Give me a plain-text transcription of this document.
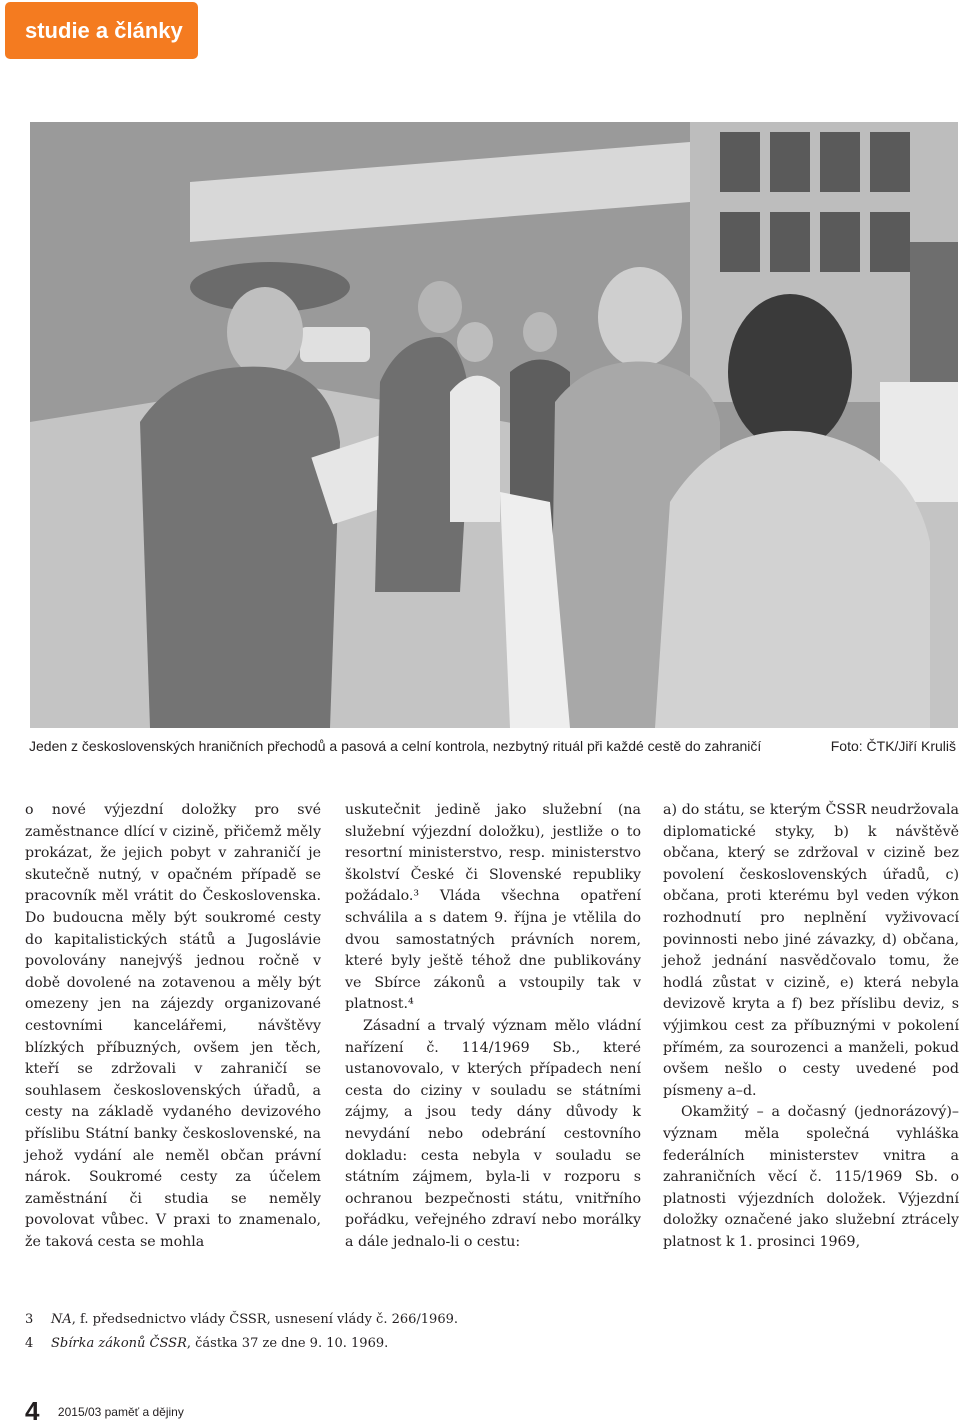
studie a články
Jeden z československých hraničních přechodů a pasová a celní kontrola, nezbytný rituál při každé cestě do zahraničí	Foto: ČTK/Jiří Kruliš

o nové výjezdní doložky pro své zaměstnance dlící v cizině, přičemž měly prokázat, že jejich pobyt v zahraničí je skutečně nutný, v opačném případě se pracovník měl vrátit do Československa. Do budoucna měly být soukromé cesty do kapitalistických států a Jugoslávie povolovány nanejvýš jednou ročně v době dovolené na zotavenou a měly být omezeny jen na zájezdy organizované cestovními kancelářemi, návštěvy blízkých příbuzných, ovšem jen těch, kteří se zdržovali v zahraničí se souhlasem československých úřadů, a cesty na základě vydaného devizového příslibu Státní banky československé, na jehož vydání ale neměl občan právní nárok. Soukromé cesty za účelem zaměstnání či studia se neměly povolovat vůbec. V praxi to znamenalo, že taková cesta se mohla

uskutečnit jedině jako služební (na služební výjezdní doložku), jestliže o to resortní ministerstvo, resp. ministerstvo školství České či Slovenské republiky požádalo.³ Vláda všechna opatření schválila a s datem 9. října je vtělila do dvou samostatných právních norem, které byly ještě téhož dne publikovány ve Sbírce zákonů a vstoupily tak v platnost.⁴

Zásadní a trvalý význam mělo vládní nařízení č. 114/1969 Sb., které ustanovovalo, v kterých případech není cesta do ciziny v souladu se státními zájmy, a jsou tedy dány důvody k nevydání nebo odebrání cestovního dokladu: cesta nebyla v souladu se státním zájmem, byla-li v rozporu s ochranou bezpečnosti státu, vnitřního pořádku, veřejného zdraví nebo morálky a dále jednalo-li o cestu:

a) do státu, se kterým ČSSR neudržovala diplomatické styky, b) k návštěvě občana, který se zdržoval v cizině bez povolení československých úřadů, c) občana, proti kterému byl veden výkon rozhodnutí pro neplnění vyživovací povinnosti nebo jiné závazky, d) občana, jehož jednání nasvědčovalo tomu, že hodlá zůstat v cizině, e) která nebyla devizově kryta a f) bez příslibu deviz, s výjimkou cest za příbuznými v pokolení přímém, za sourozenci a manželi, pokud ovšem nešlo o cesty uvedené pod písmeny a–d.

Okamžitý – a dočasný (jednorázový)– význam měla společná vyhláška federálních ministerstev vnitra a zahraničních věcí č. 115/1969 Sb. o platnosti výjezdních doložek. Výjezdní doložky označené jako služební ztrácely platnost k 1. prosinci 1969,

3 NA, f. předsednictvo vlády ČSSR, usnesení vlády č. 266/1969.
4 Sbírka zákonů ČSSR, částka 37 ze dne 9. 10. 1969.
4 2015/03 paměť a dějiny
